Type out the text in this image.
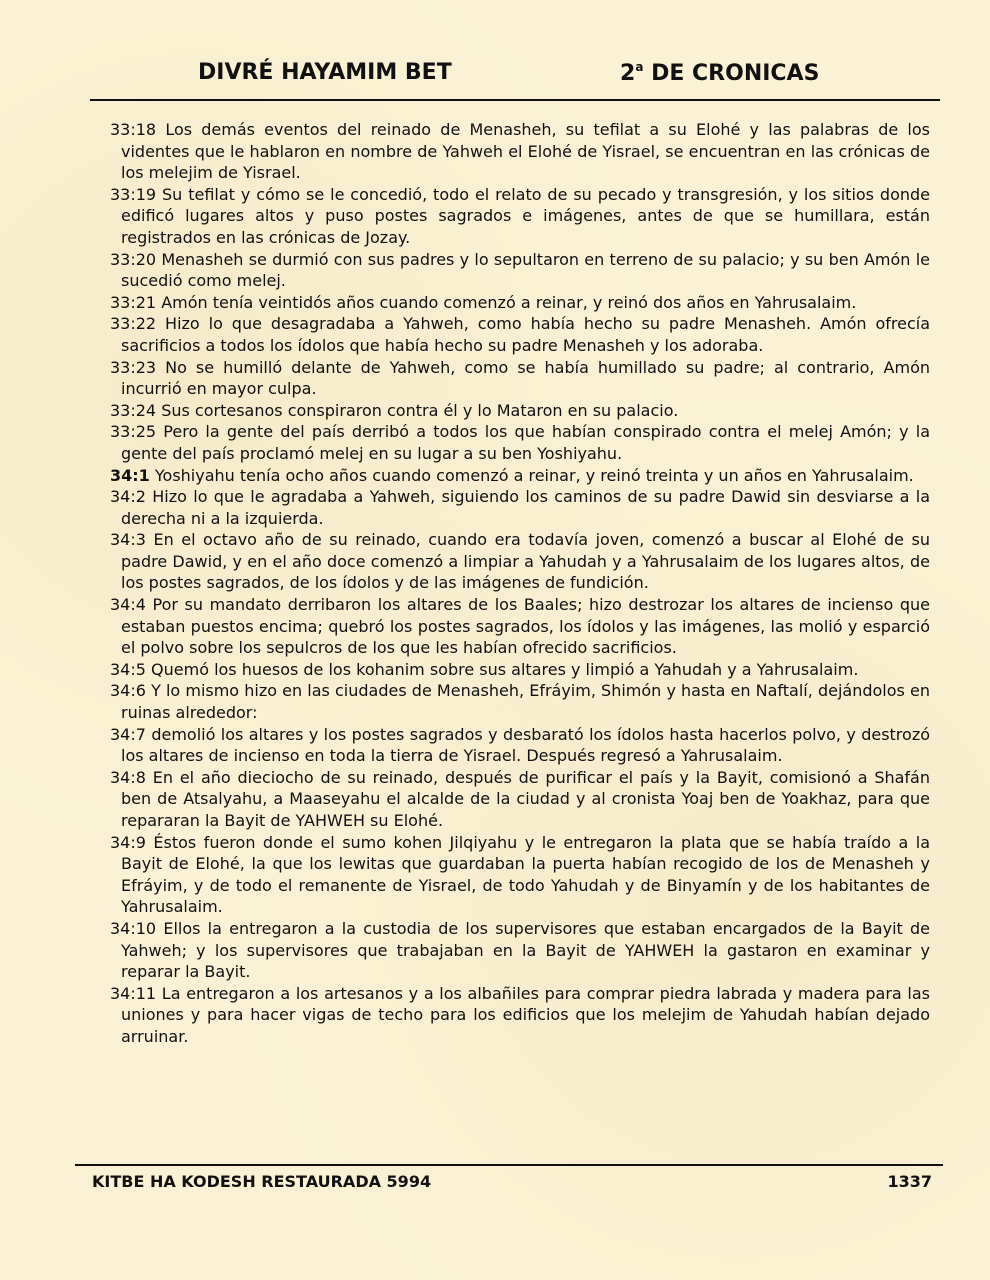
DIVRÉ HAYAMIM BET	2$^a$ DE CRONICAS

33:18 Los demás eventos del reinado de Menasheh, su tefilat a su Elohé y las palabras de los videntes que le hablaron en nombre de Yahweh el Elohé de Yisrael, se encuentran en las crónicas de los melejim de Yisrael.

33:19 Su tefilat y cómo se le concedió, todo el relato de su pecado y transgresión, y los sitios donde edificó lugares altos y puso postes sagrados e imágenes, antes de que se humillara, están registrados en las crónicas de Jozay.

33:20 Menasheh se durmió con sus padres y lo sepultaron en terreno de su palacio; y su ben Amón le sucedió como melej.

33:21 Amón tenía veintidós años cuando comenzó a reinar, y reinó dos años en Yahrusalaim.

33:22 Hizo lo que desagradaba a Yahweh, como había hecho su padre Menasheh. Amón ofrecía sacrificios a todos los ídolos que había hecho su padre Menasheh y los adoraba.

33:23 No se humilló delante de Yahweh, como se había humillado su padre; al contrario, Amón incurrió en mayor culpa.

33:24 Sus cortesanos conspiraron contra él y lo Mataron en su palacio.

33:25 Pero la gente del país derribó a todos los que habían conspirado contra el melej Amón; y la gente del país proclamó melej en su lugar a su ben Yoshiyahu.

34:1 Yoshiyahu tenía ocho años cuando comenzó a reinar, y reinó treinta y un años en Yahrusalaim.

34:2 Hizo lo que le agradaba a Yahweh, siguiendo los caminos de su padre Dawid sin desviarse a la derecha ni a la izquierda.

34:3 En el octavo año de su reinado, cuando era todavía joven, comenzó a buscar al Elohé de su padre Dawid, y en el año doce comenzó a limpiar a Yahudah y a Yahrusalaim de los lugares altos, de los postes sagrados, de los ídolos y de las imágenes de fundición.

34:4 Por su mandato derribaron los altares de los Baales; hizo destrozar los altares de incienso que estaban puestos encima; quebró los postes sagrados, los ídolos y las imágenes, las molió y esparció el polvo sobre los sepulcros de los que les habían ofrecido sacrificios.

34:5 Quemó los huesos de los kohanim sobre sus altares y limpió a Yahudah y a Yahrusalaim.

34:6 Y lo mismo hizo en las ciudades de Menasheh, Efráyim, Shimón y hasta en Naftalí, dejándolos en ruinas alrededor:

34:7 demolió los altares y los postes sagrados y desbarató los ídolos hasta hacerlos polvo, y destrozó los altares de incienso en toda la tierra de Yisrael. Después regresó a Yahrusalaim.

34:8 En el año dieciocho de su reinado, después de purificar el país y la Bayit, comisionó a Shafán ben de Atsalyahu, a Maaseyahu el alcalde de la ciudad y al cronista Yoaj ben de Yoakhaz, para que repararan la Bayit de YAHWEH su Elohé.

34:9 Éstos fueron donde el sumo kohen Jilqiyahu y le entregaron la plata que se había traído a la Bayit de Elohé, la que los lewitas que guardaban la puerta habían recogido de los de Menasheh y Efráyim, y de todo el remanente de Yisrael, de todo Yahudah y de Binyamín y de los habitantes de Yahrusalaim.

34:10 Ellos la entregaron a la custodia de los supervisores que estaban encargados de la Bayit de Yahweh; y los supervisores que trabajaban en la Bayit de YAHWEH la gastaron en examinar y reparar la Bayit.

34:11 La entregaron a los artesanos y a los albañiles para comprar piedra labrada y madera para las uniones y para hacer vigas de techo para los edificios que los melejim de Yahudah habían dejado arruinar.

KITBE HA KODESH RESTAURADA 5994	1337
